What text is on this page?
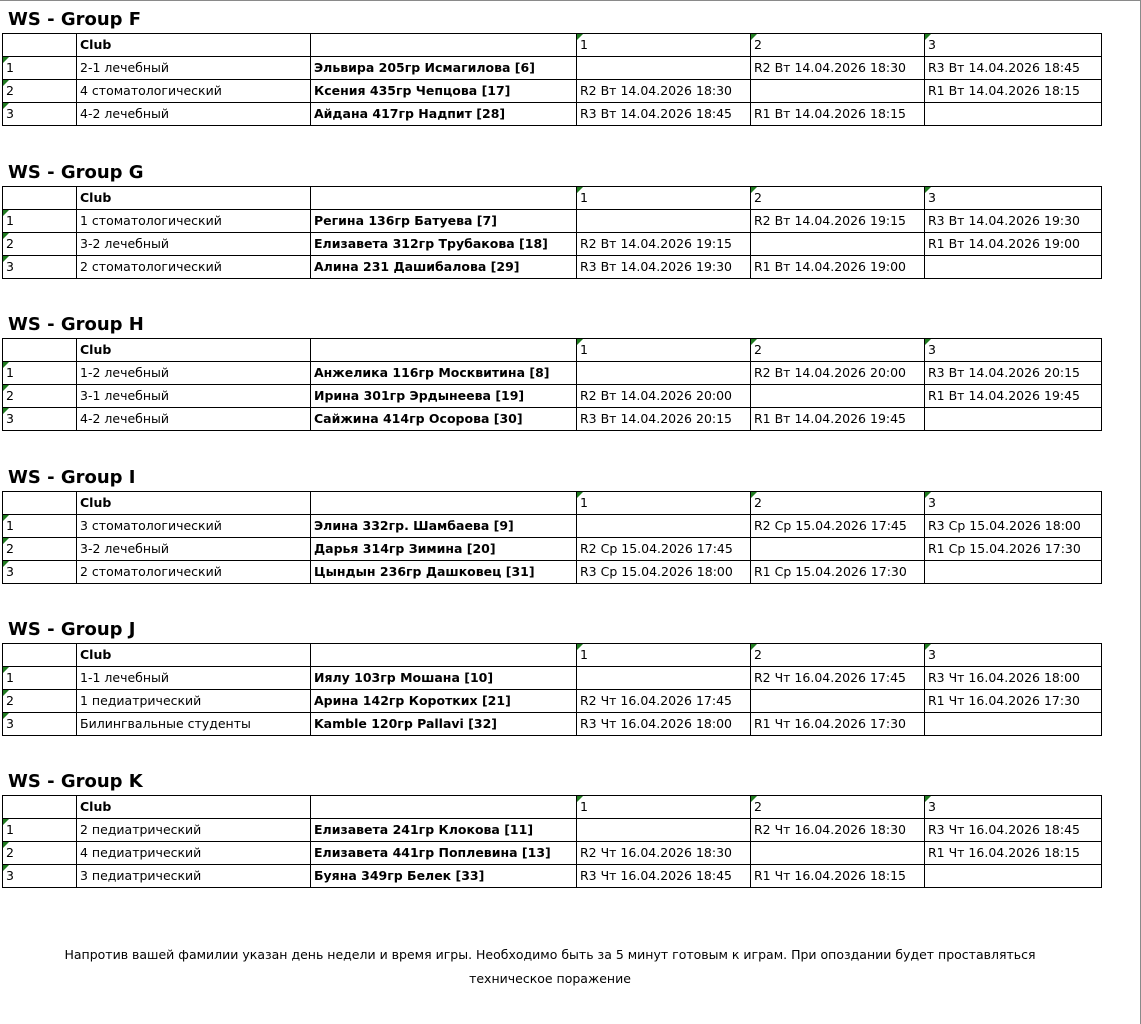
WS - Group F
	Club		1	2	3
1	2-1 лечебный	Эльвира 205гр Исмагилова [6]		R2 Вт 14.04.2026 18:30	R3 Вт 14.04.2026 18:45
2	4 стоматологический	Ксения 435гр Чепцова [17]	R2 Вт 14.04.2026 18:30		R1 Вт 14.04.2026 18:15
3	4-2 лечебный	Айдана 417гр Надпит [28]	R3 Вт 14.04.2026 18:45	R1 Вт 14.04.2026 18:15	
WS - Group G
	Club		1	2	3
1	1 стоматологический	Регина 136гр Батуева [7]		R2 Вт 14.04.2026 19:15	R3 Вт 14.04.2026 19:30
2	3-2 лечебный	Елизавета 312гр Трубакова [18]	R2 Вт 14.04.2026 19:15		R1 Вт 14.04.2026 19:00
3	2 стоматологический	Алина 231 Дашибалова [29]	R3 Вт 14.04.2026 19:30	R1 Вт 14.04.2026 19:00	
WS - Group H
	Club		1	2	3
1	1-2 лечебный	Анжелика 116гр Москвитина [8]		R2 Вт 14.04.2026 20:00	R3 Вт 14.04.2026 20:15
2	3-1 лечебный	Ирина 301гр Эрдынеева [19]	R2 Вт 14.04.2026 20:00		R1 Вт 14.04.2026 19:45
3	4-2 лечебный	Сайжина 414гр Осорова [30]	R3 Вт 14.04.2026 20:15	R1 Вт 14.04.2026 19:45	
WS - Group I
	Club		1	2	3
1	3 стоматологический	Элина 332гр. Шамбаева [9]		R2 Ср 15.04.2026 17:45	R3 Ср 15.04.2026 18:00
2	3-2 лечебный	Дарья 314гр Зимина [20]	R2 Ср 15.04.2026 17:45		R1 Ср 15.04.2026 17:30
3	2 стоматологический	Цындын 236гр Дашковец [31]	R3 Ср 15.04.2026 18:00	R1 Ср 15.04.2026 17:30	
WS - Group J
	Club		1	2	3
1	1-1 лечебный	Иялу 103гр Мошана [10]		R2 Чт 16.04.2026 17:45	R3 Чт 16.04.2026 18:00
2	1 педиатрический	Арина 142гр Коротких [21]	R2 Чт 16.04.2026 17:45		R1 Чт 16.04.2026 17:30
3	Билингвальные студенты	Kamble 120гр Pallavi [32]	R3 Чт 16.04.2026 18:00	R1 Чт 16.04.2026 17:30	
WS - Group K
	Club		1	2	3
1	2 педиатрический	Елизавета 241гр Клокова [11]		R2 Чт 16.04.2026 18:30	R3 Чт 16.04.2026 18:45
2	4 педиатрический	Елизавета 441гр Поплевина [13]	R2 Чт 16.04.2026 18:30		R1 Чт 16.04.2026 18:15
3	3 педиатрический	Буяна 349гр Белек [33]	R3 Чт 16.04.2026 18:45	R1 Чт 16.04.2026 18:15	
Напротив вашей фамилии указан день недели и время игры. Необходимо быть за 5 минут готовым к играм. При опоздании будет проставляться
техническое поражение
